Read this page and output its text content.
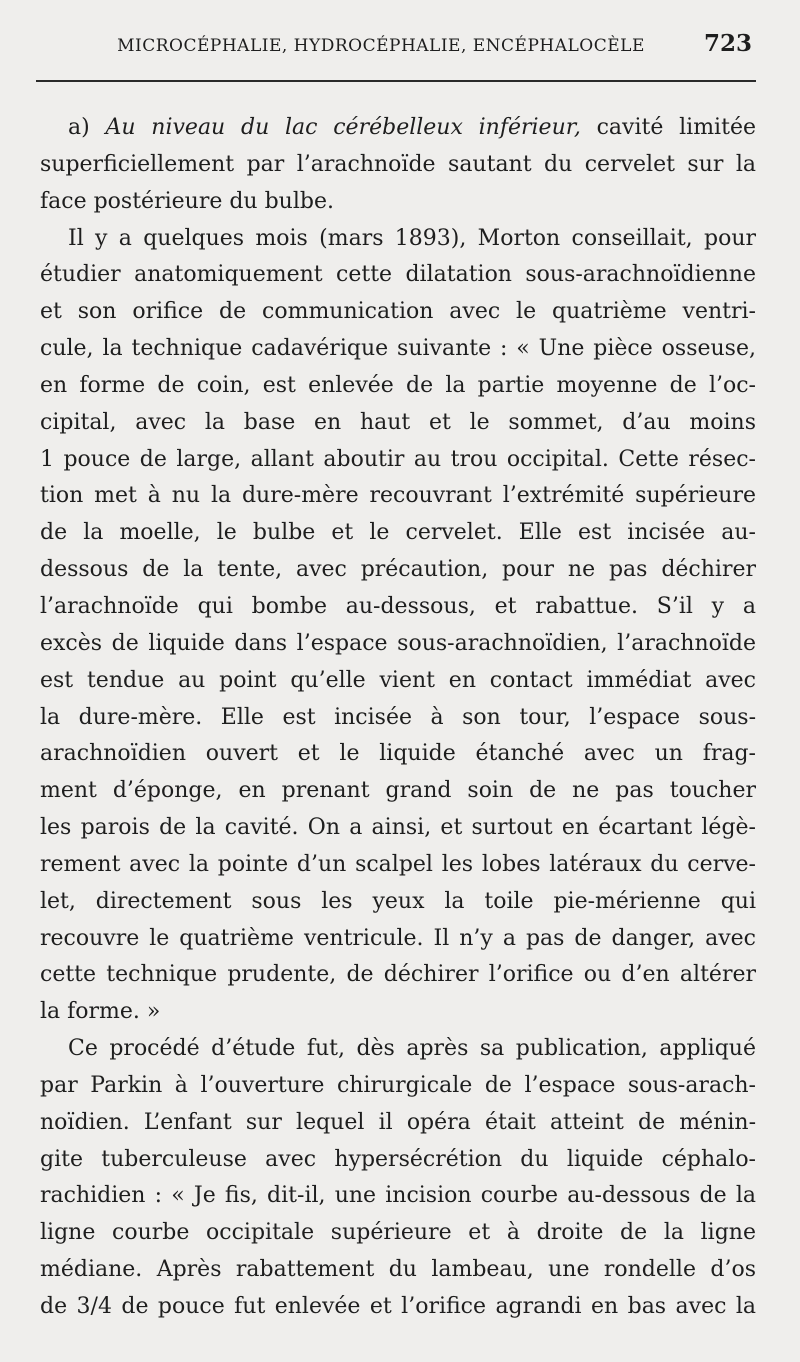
MICROCÉPHALIE, HYDROCÉPHALIE, ENCÉPHALOCÈLE	723
a) Au niveau du lac cérébelleux inférieur, cavité limitée
superficiellement par l’arachnoïde sautant du cervelet sur la
face postérieure du bulbe.
Il y a quelques mois (mars 1893), Morton conseillait, pour
étudier anatomiquement cette dilatation sous-arachnoïdienne
et son orifice de communication avec le quatrième ventri-
cule, la technique cadavérique suivante : « Une pièce osseuse,
en forme de coin, est enlevée de la partie moyenne de l’oc-
cipital, avec la base en haut et le sommet, d’au moins
1 pouce de large, allant aboutir au trou occipital. Cette résec-
tion met à nu la dure-mère recouvrant l’extrémité supérieure
de la moelle, le bulbe et le cervelet. Elle est incisée au-
dessous de la tente, avec précaution, pour ne pas déchirer
l’arachnoïde qui bombe au-dessous, et rabattue. S’il y a
excès de liquide dans l’espace sous-arachnoïdien, l’arachnoïde
est tendue au point qu’elle vient en contact immédiat avec
la dure-mère. Elle est incisée à son tour, l’espace sous-
arachnoïdien ouvert et le liquide étanché avec un frag-
ment d’éponge, en prenant grand soin de ne pas toucher
les parois de la cavité. On a ainsi, et surtout en écartant légè-
rement avec la pointe d’un scalpel les lobes latéraux du cerve-
let, directement sous les yeux la toile pie-mérienne qui
recouvre le quatrième ventricule. Il n’y a pas de danger, avec
cette technique prudente, de déchirer l’orifice ou d’en altérer
la forme. »
Ce procédé d’étude fut, dès après sa publication, appliqué
par Parkin à l’ouverture chirurgicale de l’espace sous-arach-
noïdien. L’enfant sur lequel il opéra était atteint de ménin-
gite tuberculeuse avec hypersécrétion du liquide céphalo-
rachidien : « Je fis, dit-il, une incision courbe au-dessous de la
ligne courbe occipitale supérieure et à droite de la ligne
médiane. Après rabattement du lambeau, une rondelle d’os
de 3/4 de pouce fut enlevée et l’orifice agrandi en bas avec la
